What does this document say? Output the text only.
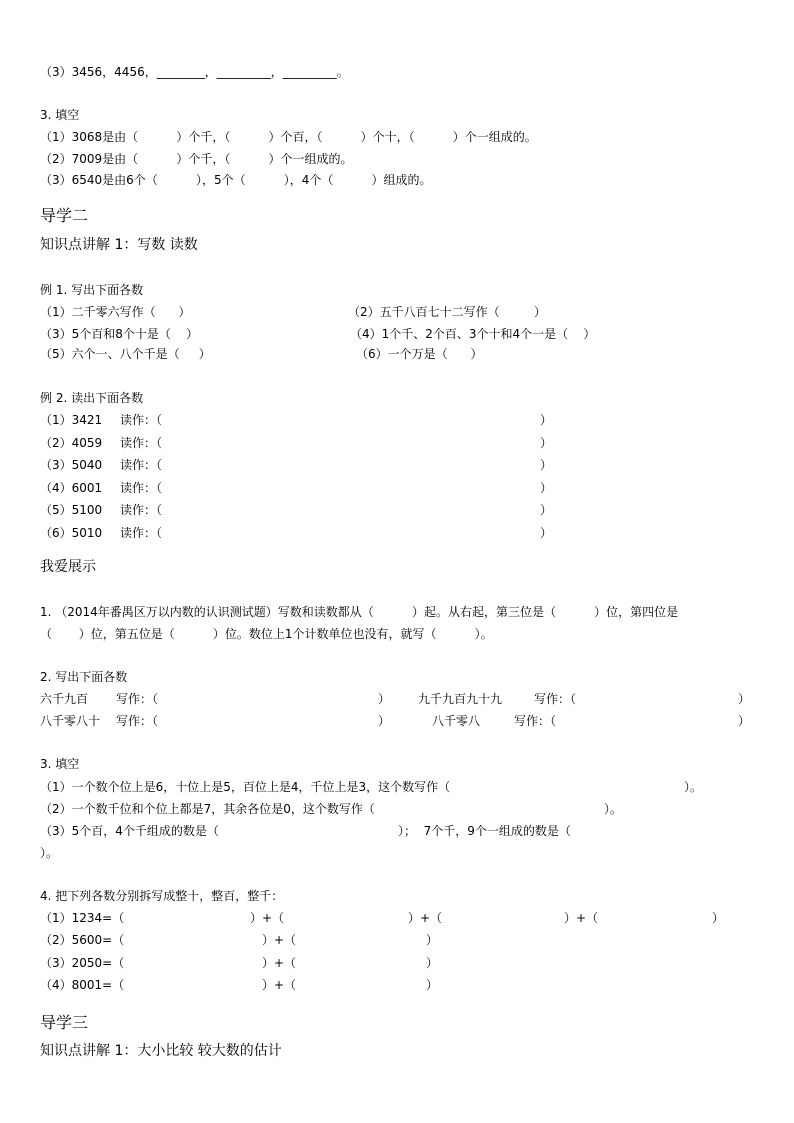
（3）3456，4456，________，_________，_________。
3. 填空
（1）3068是由（          ）个千，（          ）个百，（          ）个十，（          ）个一组成的。
（2）7009是由（          ）个千，（          ）个一组成的。
（3）6540是由6个（          ），5个（          ），4个（          ）组成的。
导学二
知识点讲解 1：写数 读数
例 1. 写出下面各数
（1）二千零六写作（      ）	（2）五千八百七十二写作（         ）
（3）5个百和8个十是（    ）	（4）1个千、2个百、3个十和4个一是（    ）
（5）六个一、八个千是（     ）	（6）一个万是（      ）
例 2. 读出下面各数
（1）3421 读作：（	）
（2）4059 读作：（	）
（3）5040 读作：（	）
（4）6001 读作：（	）
（5）5100 读作：（	）
（6）5010 读作：（	）
我爱展示
1. （2014年番禺区万以内数的认识测试题）写数和读数都从（          ）起。从右起，第三位是（          ）位，第四位是
（       ）位，第五位是（          ）位。数位上1个计数单位也没有，就写（          ）。
2. 写出下面各数
六千九百 写作：（	） 九千九百九十九	写作：（	）
八千零八十 写作：（	）	八千零八	写作：（	）
3. 填空
（1）一个数个位上是6，十位上是5，百位上是4，千位上是3，这个数写作（	）。
（2）一个数千位和个位上都是7，其余各位是0，这个数写作（	）。
（3）5个百，4个千组成的数是（	）；  7个千，9个一组成的数是（
）。
4. 把下列各数分别拆写成整十，整百，整千：
（1）1234=（	）+（	）+（	）+（	）
（2）5600=（	）+（	）
（3）2050=（	）+（	）
（4）8001=（	）+（	）
导学三
知识点讲解 1：大小比较 较大数的估计
